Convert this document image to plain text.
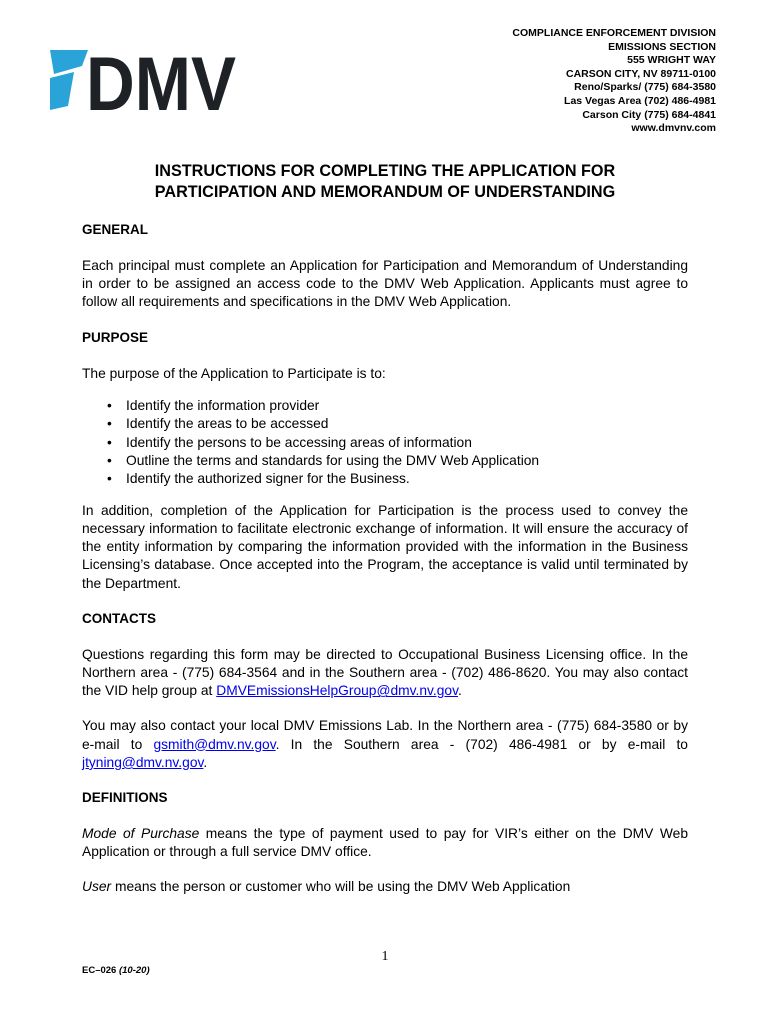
DMV
COMPLIANCE ENFORCEMENT DIVISION
EMISSIONS SECTION
555 WRIGHT WAY
CARSON CITY, NV 89711-0100
Reno/Sparks/ (775) 684-3580
Las Vegas Area (702) 486-4981
Carson City (775) 684-4841
www.dmvnv.com
INSTRUCTIONS FOR COMPLETING THE APPLICATION FOR
PARTICIPATION AND MEMORANDUM OF UNDERSTANDING
GENERAL

Each principal must complete an Application for Participation and Memorandum of Understanding in order to be assigned an access code to the DMV Web Application. Applicants must agree to follow all requirements and specifications in the DMV Web Application.

PURPOSE

The purpose of the Application to Participate is to:

• Identify the information provider
• Identify the areas to be accessed
• Identify the persons to be accessing areas of information
• Outline the terms and standards for using the DMV Web Application
• Identify the authorized signer for the Business.

In addition, completion of the Application for Participation is the process used to convey the necessary information to facilitate electronic exchange of information. It will ensure the accuracy of the entity information by comparing the information provided with the information in the Business Licensing’s database. Once accepted into the Program, the acceptance is valid until terminated by the Department.

CONTACTS

Questions regarding this form may be directed to Occupational Business Licensing office. In the Northern area - (775) 684-3564 and in the Southern area - (702) 486-8620. You may also contact the VID help group at DMVEmissionsHelpGroup@dmv.nv.gov.

You may also contact your local DMV Emissions Lab. In the Northern area - (775) 684-3580 or by e-mail to gsmith@dmv.nv.gov. In the Southern area - (702) 486-4981 or by e-mail to jtyning@dmv.nv.gov.

DEFINITIONS

Mode of Purchase means the type of payment used to pay for VIR’s either on the DMV Web Application or through a full service DMV office.

User means the person or customer who will be using the DMV Web Application

1
EC–026 (10-20)
